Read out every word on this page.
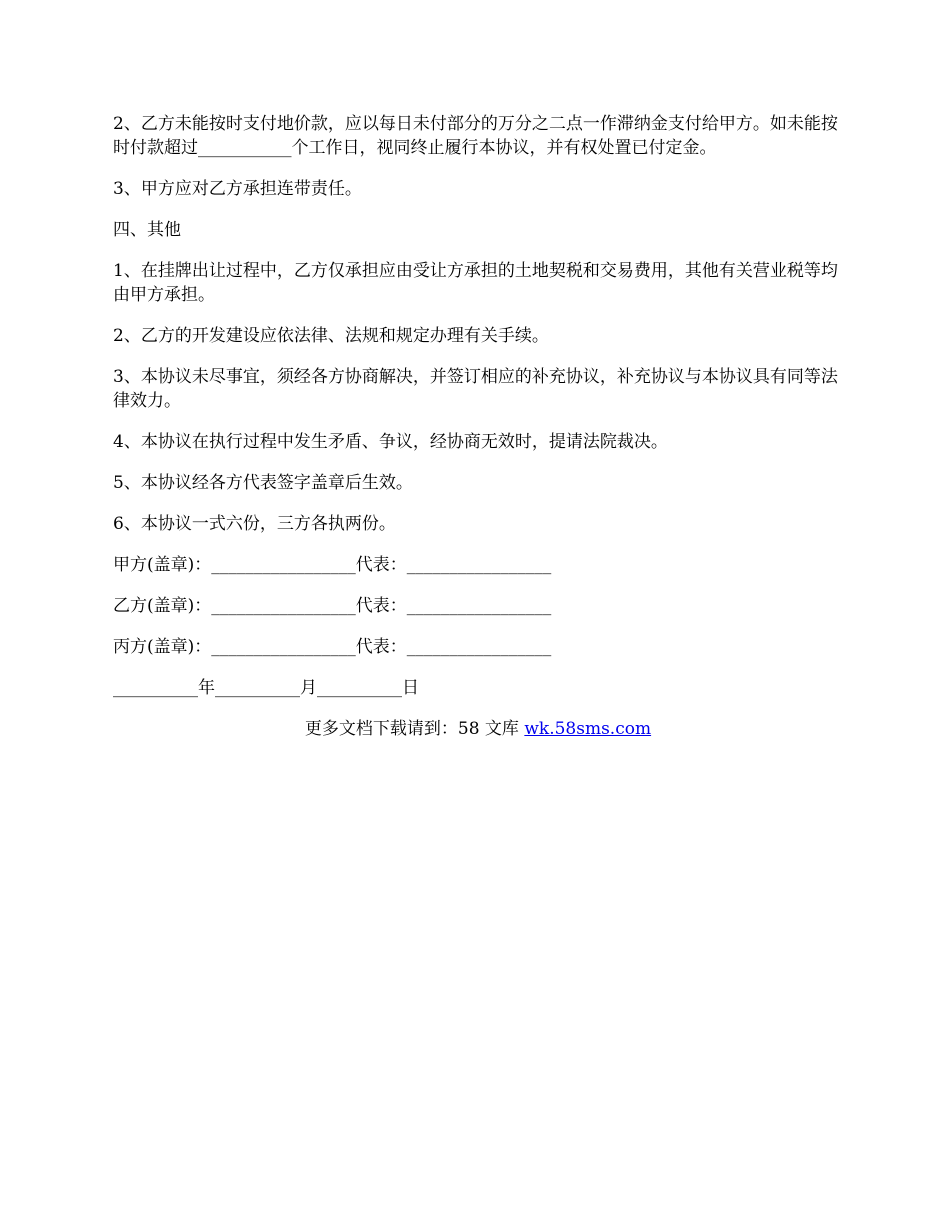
2、乙方未能按时支付地价款，应以每日未付部分的万分之二点一作滞纳金支付给甲方。如未能按时付款超过___________个工作日，视同终止履行本协议，并有权处置已付定金。

3、甲方应对乙方承担连带责任。

四、其他

1、在挂牌出让过程中，乙方仅承担应由受让方承担的土地契税和交易费用，其他有关营业税等均由甲方承担。

2、乙方的开发建设应依法律、法规和规定办理有关手续。

3、本协议未尽事宜，须经各方协商解决，并签订相应的补充协议，补充协议与本协议具有同等法律效力。

4、本协议在执行过程中发生矛盾、争议，经协商无效时，提请法院裁决。

5、本协议经各方代表签字盖章后生效。

6、本协议一式六份，三方各执两份。

甲方(盖章)：_________________代表：_________________

乙方(盖章)：_________________代表：_________________

丙方(盖章)：_________________代表：_________________

__________年__________月__________日

更多文档下载请到：58 文库 wk.58sms.com
